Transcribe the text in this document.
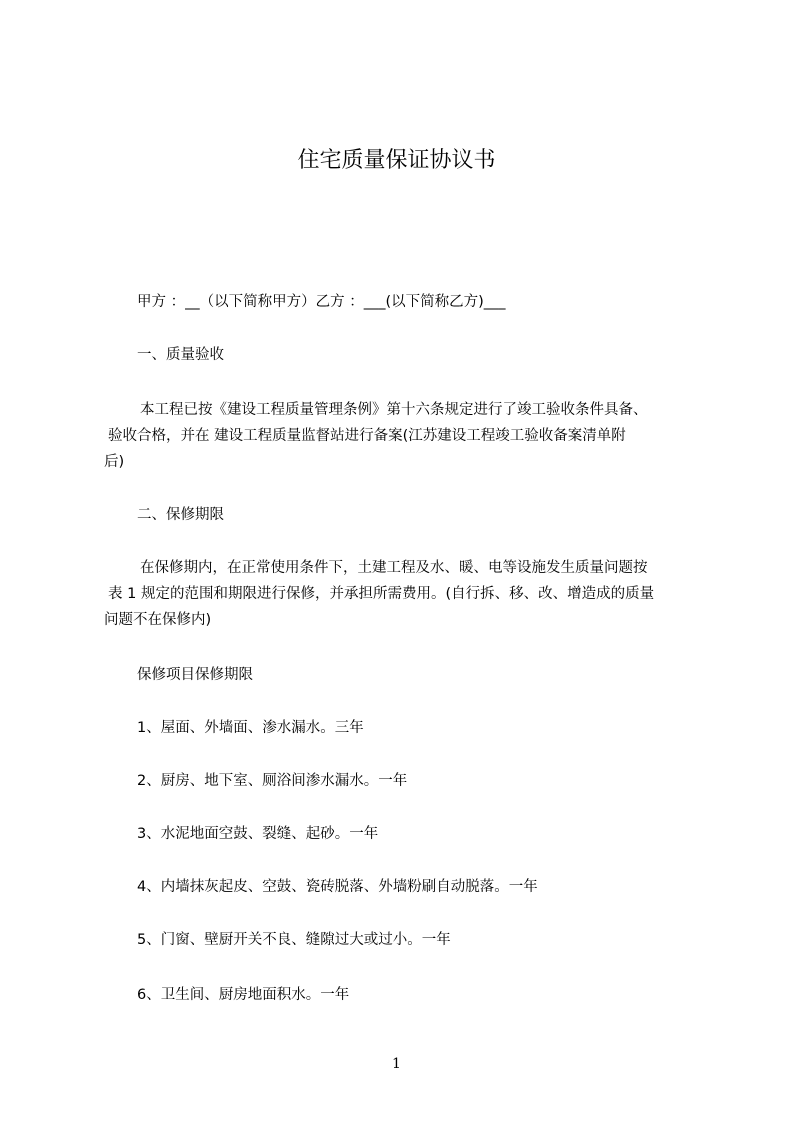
住宅质量保证协议书
甲方 ：__（以下简称甲方）乙方 ：___(以下简称乙方)___
一、质量验收
本工程已按《建设工程质量管理条例》第十六条规定进行了竣工验收条件具备、
验收合格，并在 建设工程质量监督站进行备案(江苏建设工程竣工验收备案清单附
后)
二、保修期限
在保修期内，在正常使用条件下，土建工程及水、暖、电等设施发生质量问题按
表 1 规定的范围和期限进行保修，并承担所需费用。(自行拆、移、改、增造成的质量
问题不在保修内)
保修项目保修期限
1、屋面、外墙面、渗水漏水。三年
2、厨房、地下室、厕浴间渗水漏水。一年
3、水泥地面空鼓、裂缝、起砂。一年
4、内墙抹灰起皮、空鼓、瓷砖脱落、外墙粉刷自动脱落。一年
5、门窗、壁厨开关不良、缝隙过大或过小。一年
6、卫生间、厨房地面积水。一年
1
